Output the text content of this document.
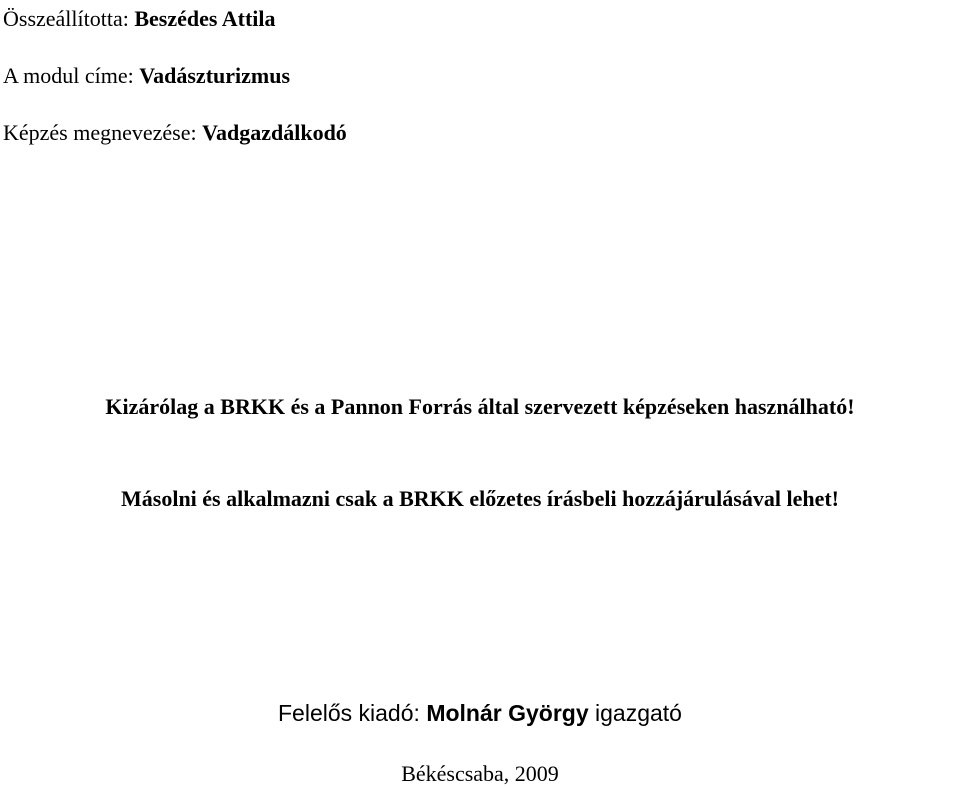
Összeállította: Beszédes Attila
A modul címe: Vadászturizmus
Képzés megnevezése: Vadgazdálkodó
Kizárólag a BRKK és a Pannon Forrás által szervezett képzéseken használható!
Másolni és alkalmazni csak a BRKK előzetes írásbeli hozzájárulásával lehet!
Felelős kiadó: Molnár György igazgató
Békéscsaba, 2009
